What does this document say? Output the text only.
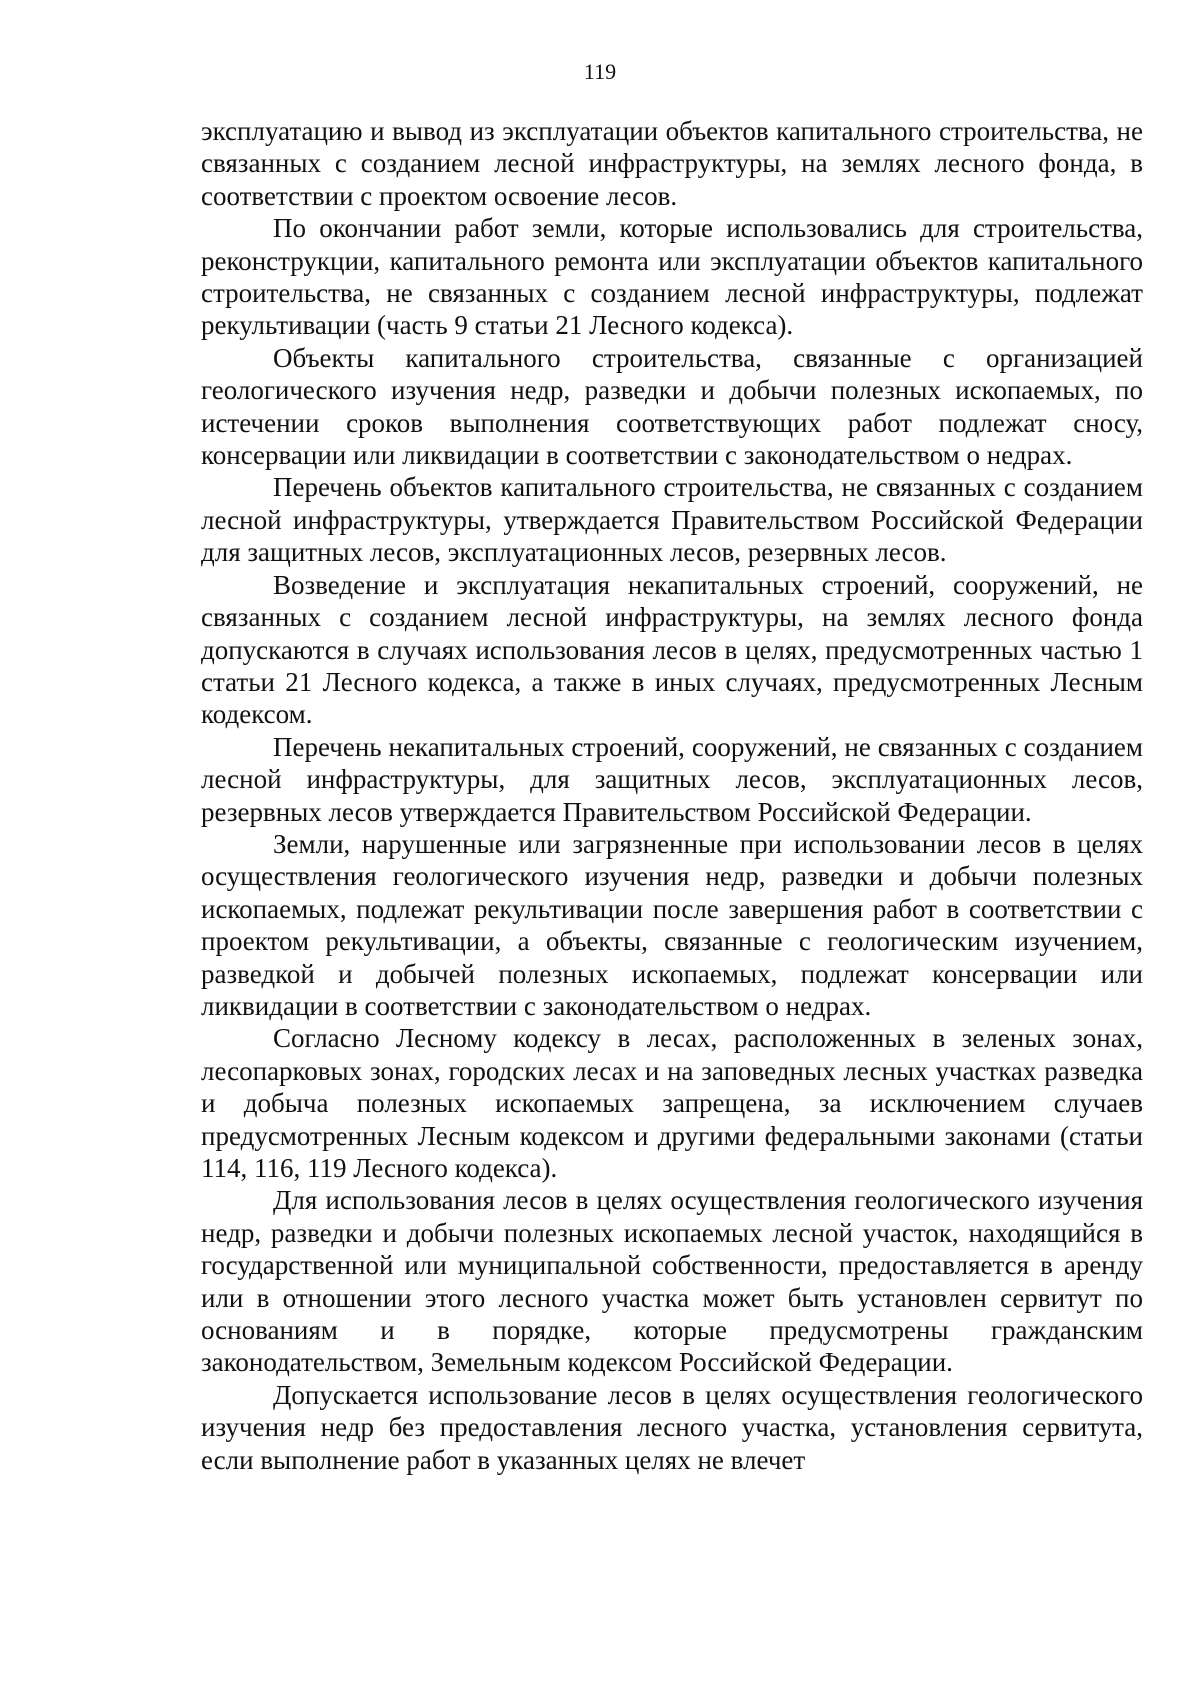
119

эксплуатацию и вывод из эксплуатации объектов капитального строительства, не связанных с созданием лесной инфраструктуры, на землях лесного фонда, в соответствии с проектом освоение лесов.

По окончании работ земли, которые использовались для строительства, реконструкции, капитального ремонта или эксплуатации объектов капитального строительства, не связанных с созданием лесной инфраструктуры, подлежат рекультивации (часть 9 статьи 21 Лесного кодекса).

Объекты капитального строительства, связанные с организацией геологического изучения недр, разведки и добычи полезных ископаемых, по истечении сроков выполнения соответствующих работ подлежат сносу, консервации или ликвидации в соответствии с законодательством о недрах.

Перечень объектов капитального строительства, не связанных с созданием лесной инфраструктуры, утверждается Правительством Российской Федерации для защитных лесов, эксплуатационных лесов, резервных лесов.

Возведение и эксплуатация некапитальных строений, сооружений, не связанных с созданием лесной инфраструктуры, на землях лесного фонда допускаются в случаях использования лесов в целях, предусмотренных частью 1 статьи 21 Лесного кодекса, а также в иных случаях, предусмотренных Лесным кодексом.

Перечень некапитальных строений, сооружений, не связанных с созданием лесной инфраструктуры, для защитных лесов, эксплуатационных лесов, резервных лесов утверждается Правительством Российской Федерации.

Земли, нарушенные или загрязненные при использовании лесов в целях осуществления геологического изучения недр, разведки и добычи полезных ископаемых, подлежат рекультивации после завершения работ в соответствии с проектом рекультивации, а объекты, связанные с геологическим изучением, разведкой и добычей полезных ископаемых, подлежат консервации или ликвидации в соответствии с законодательством о недрах.

Согласно Лесному кодексу в лесах, расположенных в зеленых зонах, лесопарковых зонах, городских лесах и на заповедных лесных участках разведка и добыча полезных ископаемых запрещена, за исключением случаев предусмотренных Лесным кодексом и другими федеральными законами (статьи 114, 116, 119 Лесного кодекса).

Для использования лесов в целях осуществления геологического изучения недр, разведки и добычи полезных ископаемых лесной участок, находящийся в государственной или муниципальной собственности, предоставляется в аренду или в отношении этого лесного участка может быть установлен сервитут по основаниям и в порядке, которые предусмотрены гражданским законодательством, Земельным кодексом Российской Федерации.

Допускается использование лесов в целях осуществления геологического изучения недр без предоставления лесного участка, установления сервитута, если выполнение работ в указанных целях не влечет
